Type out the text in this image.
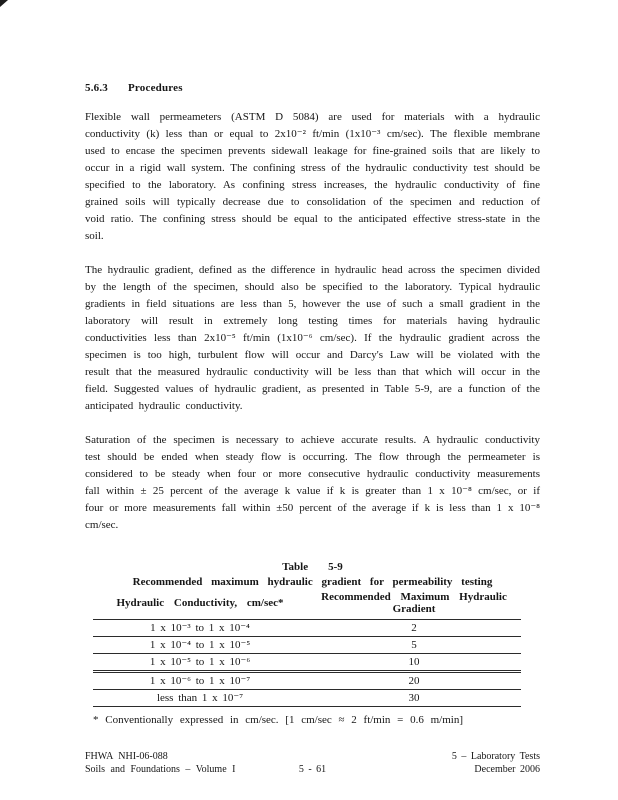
5.6.3 Procedures

Flexible wall permeameters (ASTM D 5084) are used for materials with a hydraulic conductivity (k) less than or equal to 2x10⁻² ft/min (1x10⁻³ cm/sec). The flexible membrane used to encase the specimen prevents sidewall leakage for fine-grained soils that are likely to occur in a rigid wall system. The confining stress of the hydraulic conductivity test should be specified to the laboratory. As confining stress increases, the hydraulic conductivity of fine grained soils will typically decrease due to consolidation of the specimen and reduction of void ratio. The confining stress should be equal to the anticipated effective stress-state in the soil.

The hydraulic gradient, defined as the difference in hydraulic head across the specimen divided by the length of the specimen, should also be specified to the laboratory. Typical hydraulic gradients in field situations are less than 5, however the use of such a small gradient in the laboratory will result in extremely long testing times for materials having hydraulic conductivities less than 2x10⁻⁵ ft/min (1x10⁻⁶ cm/sec). If the hydraulic gradient across the specimen is too high, turbulent flow will occur and Darcy's Law will be violated with the result that the measured hydraulic conductivity will be less than that which will occur in the field. Suggested values of hydraulic gradient, as presented in Table 5-9, are a function of the anticipated hydraulic conductivity.

Saturation of the specimen is necessary to achieve accurate results. A hydraulic conductivity test should be ended when steady flow is occurring. The flow through the permeameter is considered to be steady when four or more consecutive hydraulic conductivity measurements fall within ± 25 percent of the average k value if k is greater than 1 x 10⁻⁸ cm/sec, or if four or more measurements fall within ±50 percent of the average if k is less than 1 x 10⁻⁸ cm/sec.

Table 5-9
Recommended maximum hydraulic gradient for permeability testing
Hydraulic Conductivity, cm/sec*	Recommended Maximum Hydraulic Gradient
1 x 10⁻³ to 1 x 10⁻⁴	2
1 x 10⁻⁴ to 1 x 10⁻⁵	5
1 x 10⁻⁵ to 1 x 10⁻⁶	10
1 x 10⁻⁶ to 1 x 10⁻⁷	20
less than 1 x 10⁻⁷	30
* Conventionally expressed in cm/sec. [1 cm/sec ≈ 2 ft/min = 0.6 m/min]
FHWA NHI-06-088	5 – Laboratory Tests
Soils and Foundations – Volume I	5 - 61	December 2006
